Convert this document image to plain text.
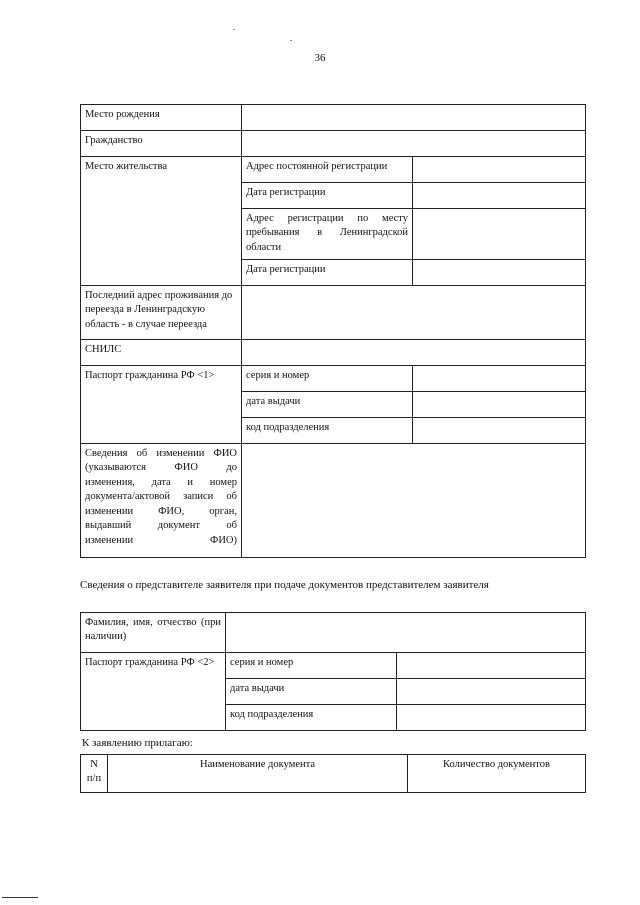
36
Место рождения		
Гражданство		
Место жительства	Адрес постоянной регистрации	
	Дата регистрации	
	Адрес регистрации по месту пребывания в Ленинградской области	
	Дата регистрации	
Последний адрес проживания до переезда в Ленинградскую область - в случае переезда		
СНИЛС		
Паспорт гражданина РФ <1>	серия и номер	
	дата выдачи	
	код подразделения	
Сведения об изменении ФИО (указываются ФИО до изменения, дата и номер документа/актовой записи об изменении ФИО, орган, выдавший документ об изменении ФИО)		
Сведения о представителе заявителя при подаче документов представителем заявителя
Фамилия, имя, отчество (при наличии)		
Паспорт гражданина РФ <2>	серия и номер	
	дата выдачи	
	код подразделения	
К заявлению прилагаю:
N п/п	Наименование документа	Количество документов
